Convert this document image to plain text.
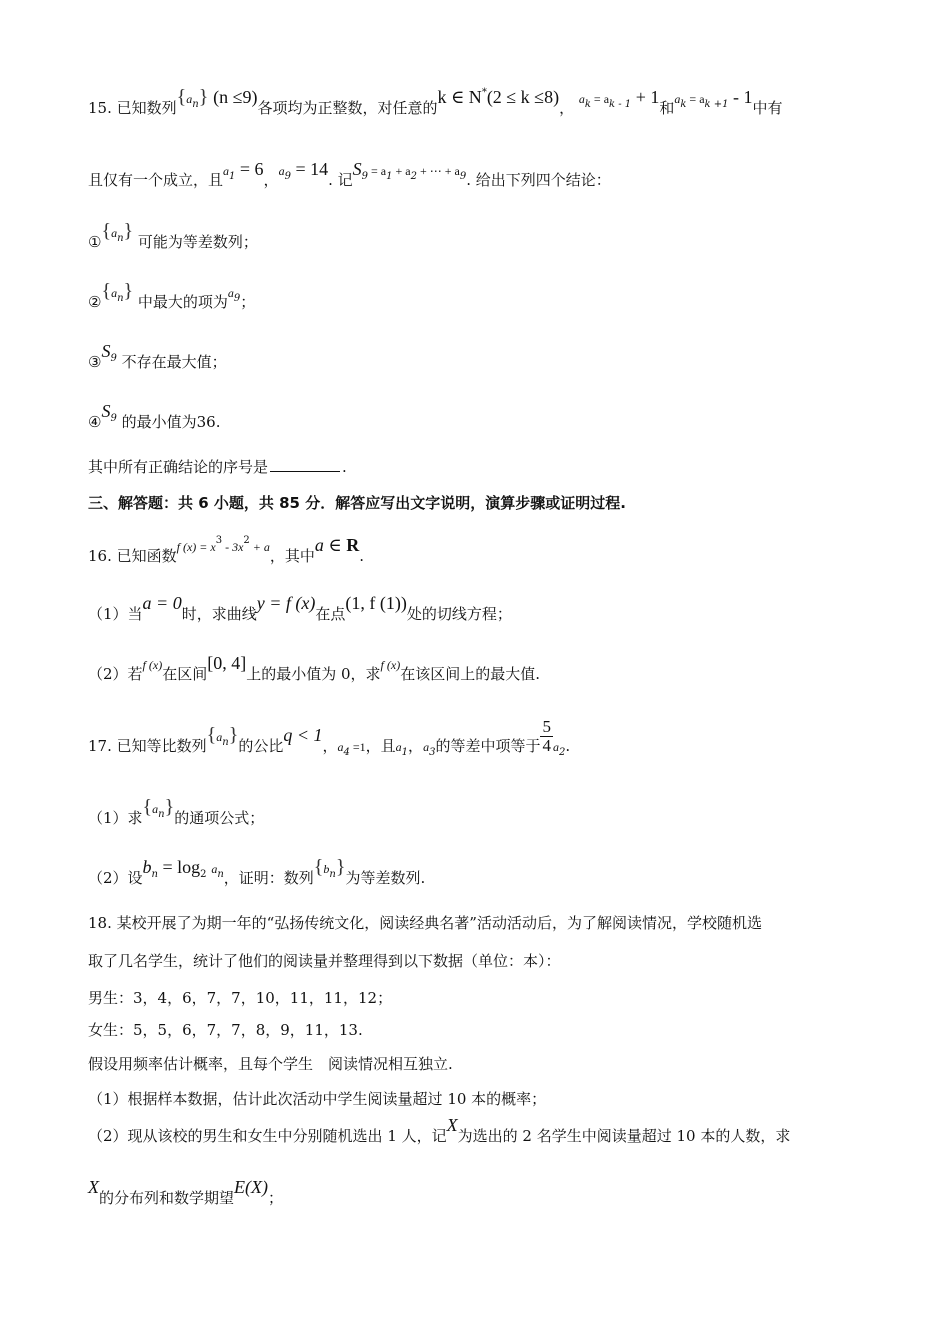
15. 已知数列$\{a_n\}$ (n ≤9)各项均为正整数，对任意的k ∈ N*(2 ≤ k ≤8)， $a_k = a_{k - 1} + 1$和$a_k = a_{k +1} - 1$中有
且仅有一个成立，且$a_1 = 6$，$a_9 = 14$. 记$S_9 = a_1 + a_2$ + ⋯ + $a_9$. 给出下列四个结论：
$①\{a_n\}$ 可能为等差数列；
$②\{a_n\}$ 中最大的项为$a_9$；
$③S_9$ 不存在最大值；
$④S_9$ 的最小值为36.
其中所有正确结论的序号是	.
三、解答题：共 6 小题，共 85 分．解答应写出文字说明，演算步骤或证明过程.
16. 已知函数f $(x) = x^3 - 3x^2 + a$，其中a ∈ R.
（1）当a = 0时，求曲线y = f (x)在点(1, f (1))处的切线方程；
（2）若$^{f (x)}$在区间[0, 4]上的最小值为 0，求$^{f (x)}$在该区间上的最大值.
17. 已知等比数列$\{a_n\}$的公比q < 1，$a_4 =1$，且$a_1$，$a_3$的等差中项等于 $\frac{5}{4} a_2$.
（1）求$\{a_n\}$的通项公式；
（2）设$b_n = \log_2 a_n$，证明：数列$\{b_n\}$为等差数列.
18. 某校开展了为期一年的“弘扬传统文化，阅读经典名著”活动活动后，为了解阅读情况，学校随机选
取了几名学生，统计了他们的阅读量并整理得到以下数据（单位：本）：
男生：3，4，6，7，7，10，11，11，12；
女生：5，5，6，7，7，8，9，11，13.
假设用频率估计概率，且每个学生　阅读情况相互独立.
（1）根据样本数据，估计此次活动中学生阅读量超过 10 本的概率；
（2）现从该校的男生和女生中分别随机选出 1 人，记X为选出的 2 名学生中阅读量超过 10 本的人数，求
X的分布列和数学期望E(X)；
